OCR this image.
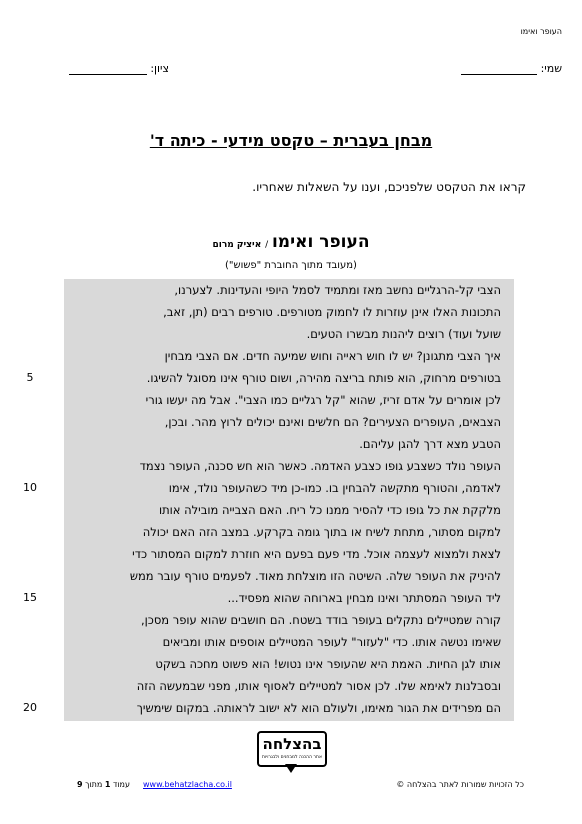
העופר ואימו
שמי:
ציון:
מבחן בעברית – טקסט מידעי - כיתה ד'
קראו את הטקסט שלפניכם, וענו על השאלות שאחריו.
העופר ואימו / איציק מרום
(מעובד מתוך החוברת "פשוש")
הצבי קל-הרגליים נחשב מאז ומתמיד לסמל היופי והעדינות. לצערנו,
התכונות האלו אינן עוזרות לו לחמוק מטורפים. טורפים רבים (תן, זאב,
שועל ועוד) רוצים ליהנות מבשרו הטעים.
איך הצבי מתגונן? יש לו חוש ראייה וחוש שמיעה חדים. אם הצבי מבחין
בטורפים מרחוק, הוא פותח בריצה מהירה, ושום טורף אינו מסוגל להשיגו.
לכן אומרים על אדם זריז, שהוא "קל רגליים כמו הצבי". אבל מה יעשו גורי
הצבאים, העופרים הצעירים? הם חלשים ואינם יכולים לרוץ מהר. ובכן,
הטבע מצא דרך להגן עליהם.
העופר נולד כשצבע גופו כצבע האדמה. כאשר הוא חש סכנה, העופר נצמד
לאדמה, והטורף מתקשה להבחין בו. כמו-כן מיד כשהעופר נולד, אימו
מלקקת את כל גופו כדי להסיר ממנו כל ריח. האם הצבייה מובילה אותו
למקום מסתור, מתחת לשיח או בתוך גומה בקרקע. במצב הזה האם יכולה
לצאת ולמצוא לעצמה אוכל. מדי פעם בפעם היא חוזרת למקום המסתור כדי
להיניק את העופר שלה. השיטה הזו מוצלחת מאוד. לפעמים טורף עובר ממש
ליד העופר המסתתר ואינו מבחין בארוחה שהוא מפסיד...
קורה שמטיילים נתקלים בעופר בודד בשטח. הם חושבים שהוא עופר מסכן,
שאימו נטשה אותו. כדי "לעזור" לעופר המטיילים אוספים אותו ומביאים
אותו לגן החיות. האמת היא שהעופר אינו נטוש! הוא פשוט מחכה בשקט
ובסבלנות לאימא שלו. לכן אסור למטיילים לאסוף אותו, מפני שבמעשה הזה
הם מפרידים את הגור מאימו, ולעולם הוא לא ישוב לראותה. במקום שימשיך
5
10
15
20
בהצלחה
אתר ההכנה למבחנים ולבגרויות
כל הזכויות שמורות לאתר בהצלחה ©
www.behatzlacha.co.il
עמוד 1 מתוך 9
